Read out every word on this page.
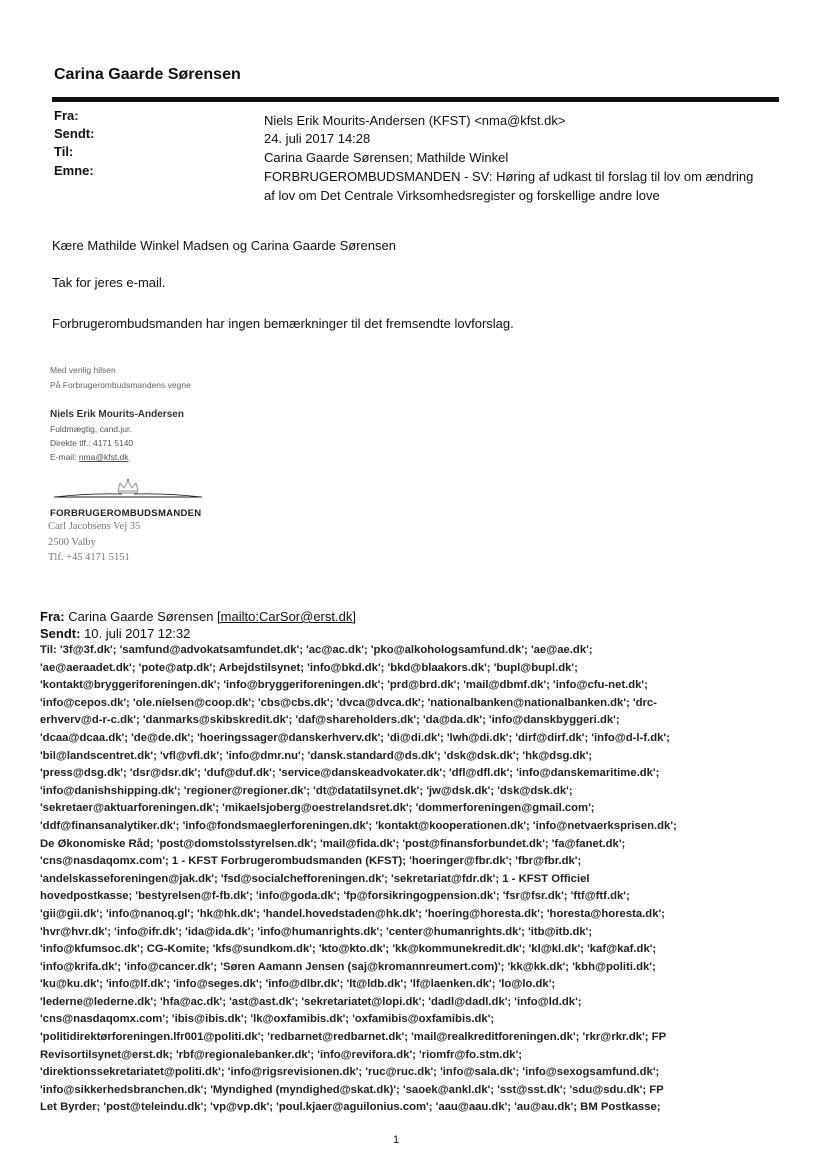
Carina Gaarde Sørensen
Fra:	Niels Erik Mourits-Andersen (KFST) <nma@kfst.dk>
Sendt:	24. juli 2017 14:28
Til:	Carina Gaarde Sørensen; Mathilde Winkel
Emne:	FORBRUGEROMBUDSMANDEN - SV: Høring af udkast til forslag til lov om ændring
af lov om Det Centrale Virksomhedsregister og forskellige andre love
Kære Mathilde Winkel Madsen og Carina Gaarde Sørensen
Tak for jeres e-mail.
Forbrugerombudsmanden har ingen bemærkninger til det fremsendte lovforslag.
Med venlig hilsen
På Forbrugerombudsmandens vegne
Niels Erik Mourits-Andersen
Fuldmægtig, cand.jur.
Direkte tlf.: 4171 5140
E-mail: nma@kfst.dk
FORBRUGEROMBUDSMANDEN
Carl Jacobsens Vej 35
2500 Valby
Tlf. +45 4171 5151
Fra: Carina Gaarde Sørensen [mailto:CarSor@erst.dk]
Sendt: 10. juli 2017 12:32
Til: '3f@3f.dk'; 'samfund@advokatsamfundet.dk'; 'ac@ac.dk'; 'pko@alkohologsamfund.dk'; 'ae@ae.dk';
'ae@aeraadet.dk'; 'pote@atp.dk'; Arbejdstilsynet; 'info@bkd.dk'; 'bkd@blaakors.dk'; 'bupl@bupl.dk';
'kontakt@bryggeriforeningen.dk'; 'info@bryggeriforeningen.dk'; 'prd@brd.dk'; 'mail@dbmf.dk'; 'info@cfu-net.dk';
'info@cepos.dk'; 'ole.nielsen@coop.dk'; 'cbs@cbs.dk'; 'dvca@dvca.dk'; 'nationalbanken@nationalbanken.dk'; 'drc-
erhverv@d-r-c.dk'; 'danmarks@skibskredit.dk'; 'daf@shareholders.dk'; 'da@da.dk'; 'info@danskbyggeri.dk';
'dcaa@dcaa.dk'; 'de@de.dk'; 'hoeringssager@danskerhverv.dk'; 'di@di.dk'; 'lwh@di.dk'; 'dirf@dirf.dk'; 'info@d-l-f.dk';
'bil@landscentret.dk'; 'vfl@vfl.dk'; 'info@dmr.nu'; 'dansk.standard@ds.dk'; 'dsk@dsk.dk'; 'hk@dsg.dk';
'press@dsg.dk'; 'dsr@dsr.dk'; 'duf@duf.dk'; 'service@danskeadvokater.dk'; 'dfl@dfl.dk'; 'info@danskemaritime.dk';
'info@danishshipping.dk'; 'regioner@regioner.dk'; 'dt@datatilsynet.dk'; 'jw@dsk.dk'; 'dsk@dsk.dk';
'sekretaer@aktuarforeningen.dk'; 'mikaelsjoberg@oestrelandsret.dk'; 'dommerforeningen@gmail.com';
'ddf@finansanalytiker.dk'; 'info@fondsmaeglerforeningen.dk'; 'kontakt@kooperationen.dk'; 'info@netvaerksprisen.dk';
De Økonomiske Råd; 'post@domstolsstyrelsen.dk'; 'mail@fida.dk'; 'post@finansforbundet.dk'; 'fa@fanet.dk';
'cns@nasdaqomx.com'; 1 - KFST Forbrugerombudsmanden (KFST); 'hoeringer@fbr.dk'; 'fbr@fbr.dk';
'andelskasseforeningen@jak.dk'; 'fsd@socialchefforeningen.dk'; 'sekretariat@fdr.dk'; 1 - KFST Officiel
hovedpostkasse; 'bestyrelsen@f-fb.dk'; 'info@goda.dk'; 'fp@forsikringogpension.dk'; 'fsr@fsr.dk'; 'ftf@ftf.dk';
'gii@gii.dk'; 'info@nanoq.gl'; 'hk@hk.dk'; 'handel.hovedstaden@hk.dk'; 'hoering@horesta.dk'; 'horesta@horesta.dk';
'hvr@hvr.dk'; 'info@ifr.dk'; 'ida@ida.dk'; 'info@humanrights.dk'; 'center@humanrights.dk'; 'itb@itb.dk';
'info@kfumsoc.dk'; CG-Komite; 'kfs@sundkom.dk'; 'kto@kto.dk'; 'kk@kommunekredit.dk'; 'kl@kl.dk'; 'kaf@kaf.dk';
'info@krifa.dk'; 'info@cancer.dk'; 'Søren Aamann Jensen (saj@kromannreumert.com)'; 'kk@kk.dk'; 'kbh@politi.dk';
'ku@ku.dk'; 'info@lf.dk'; 'info@seges.dk'; 'info@dlbr.dk'; 'lt@ldb.dk'; 'lf@laenken.dk'; 'lo@lo.dk';
'lederne@lederne.dk'; 'hfa@ac.dk'; 'ast@ast.dk'; 'sekretariatet@lopi.dk'; 'dadl@dadl.dk'; 'info@ld.dk';
'cns@nasdaqomx.com'; 'ibis@ibis.dk'; 'lk@oxfamibis.dk'; 'oxfamibis@oxfamibis.dk';
'politidirektørforeningen.lfr001@politi.dk'; 'redbarnet@redbarnet.dk'; 'mail@realkreditforeningen.dk'; 'rkr@rkr.dk'; FP
Revisortilsynet@erst.dk; 'rbf@regionalebanker.dk'; 'info@revifora.dk'; 'riomfr@fo.stm.dk';
'direktionssekretariatet@politi.dk'; 'info@rigsrevisionen.dk'; 'ruc@ruc.dk'; 'info@sala.dk'; 'info@sexogsamfund.dk';
'info@sikkerhedsbranchen.dk'; 'Myndighed (myndighed@skat.dk)'; 'saoek@ankl.dk'; 'sst@sst.dk'; 'sdu@sdu.dk'; FP
Let Byrder; 'post@teleindu.dk'; 'vp@vp.dk'; 'poul.kjaer@aguilonius.com'; 'aau@aau.dk'; 'au@au.dk'; BM Postkasse;
1
